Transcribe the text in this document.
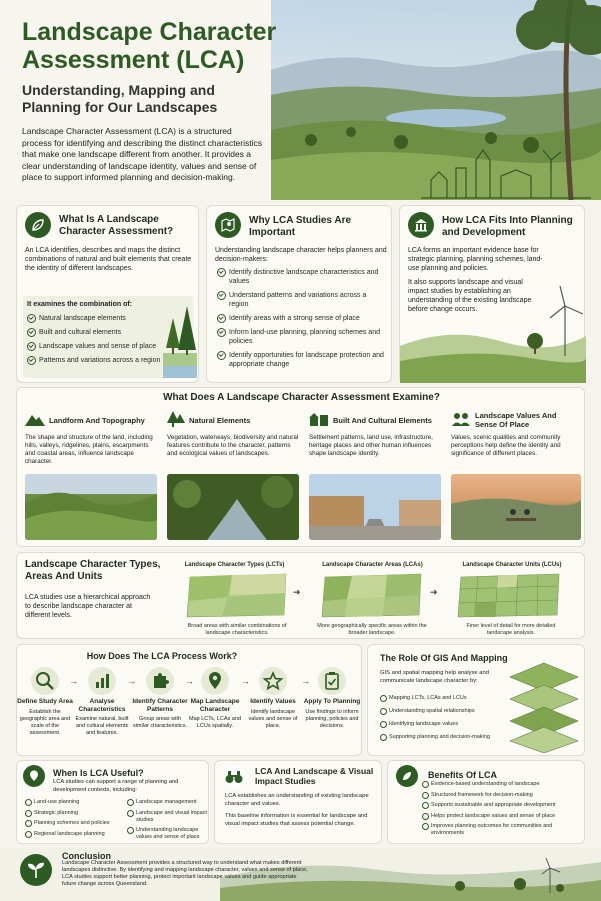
Landscape Character Assessment (LCA)
Understanding, Mapping and Planning for Our Landscapes
Landscape Character Assessment (LCA) is a structured process for identifying and describing the distinct characteristics that make one landscape different from another. It provides a clear understanding of landscape identity, values and sense of place to support informed planning and decision-making.
What Is A Landscape Character Assessment?
An LCA identifies, describes and maps the distinct combinations of natural and built elements that create the identity of different landscapes.
It examines the combination of:
Natural landscape elements
Built and cultural elements
Landscape values and sense of place
Patterns and variations across a region
Why LCA Studies Are Important
Understanding landscape character helps planners and decision-makers:
Identify distinctive landscape characteristics and values
Understand patterns and variations across a region
Identify areas with a strong sense of place
Inform land-use planning, planning schemes and policies
Identify opportunities for landscape protection and appropriate change
How LCA Fits Into Planning and Development
LCA forms an important evidence base for strategic planning, planning schemes, land-use planning and policies.
It also supports landscape and visual impact studies by establishing an understanding of the existing landscape before change occurs.
What Does A Landscape Character Assessment Examine?
Landform And Topography
The shape and structure of the land, including hills, valleys, ridgelines, plains, escarpments and coastal areas, influence landscape character.
Natural Elements
Vegetation, waterways, biodiversity and natural features contribute to the character, patterns and ecological values of landscapes.
Built And Cultural Elements
Settlement patterns, land use, infrastructure, heritage places and other human influences shape landscape identity.
Landscape Values And Sense Of Place
Values, scenic qualities and community perceptions help define the identity and significance of different places.
Landscape Character Types, Areas And Units
LCA studies use a hierarchical approach to describe landscape character at different levels.
Landscape Character Types (LCTs)
Broad areas with similar combinations of landscape characteristics.
➜
Landscape Character Areas (LCAs)
More geographically specific areas within the broader landscape.
➜
Landscape Character Units (LCUs)
Finer level of detail for more detailed landscape analysis.
How Does The LCA Process Work?
Define Study Area
Establish the geographic area and scale of the assessment.
→
Analyse Characteristics
Examine natural, built and cultural elements and features.
→
Identify Character Patterns
Group areas with similar characteristics.
→
Map Landscape Character
Map LCTs, LCAs and LCUs spatially.
→
Identify Values
Identify landscape values and sense of place.
→
Apply To Planning
Use findings to inform planning, policies and decisions.
The Role Of GIS And Mapping
GIS and spatial mapping help analyse and communicate landscape character by:
Mapping LCTs, LCAs and LCUs
Understanding spatial relationships
Identifying landscape values
Supporting planning and decision-making
When Is LCA Useful?
LCA studies can support a range of planning and development contexts, including:
Land-use planning
Strategic planning
Planning schemes and policies
Regional landscape planning
Landscape management
Landscape and visual impact studies
Understanding landscape values and sense of place
LCA And Landscape & Visual Impact Studies
LCA establishes an understanding of existing landscape character and values.
This baseline information is essential for landscape and visual impact studies that assess potential change.
Benefits Of LCA
Evidence-based understanding of landscape
Structured framework for decision-making
Supports sustainable and appropriate development
Helps protect landscape values and sense of place
Improves planning outcomes for communities and environments
Conclusion
Landscape Character Assessment provides a structured way to understand what makes different landscapes distinctive. By identifying and mapping landscape character, values and sense of place, LCA studies support better planning, protect important landscape values and guide appropriate future change across Queensland.
